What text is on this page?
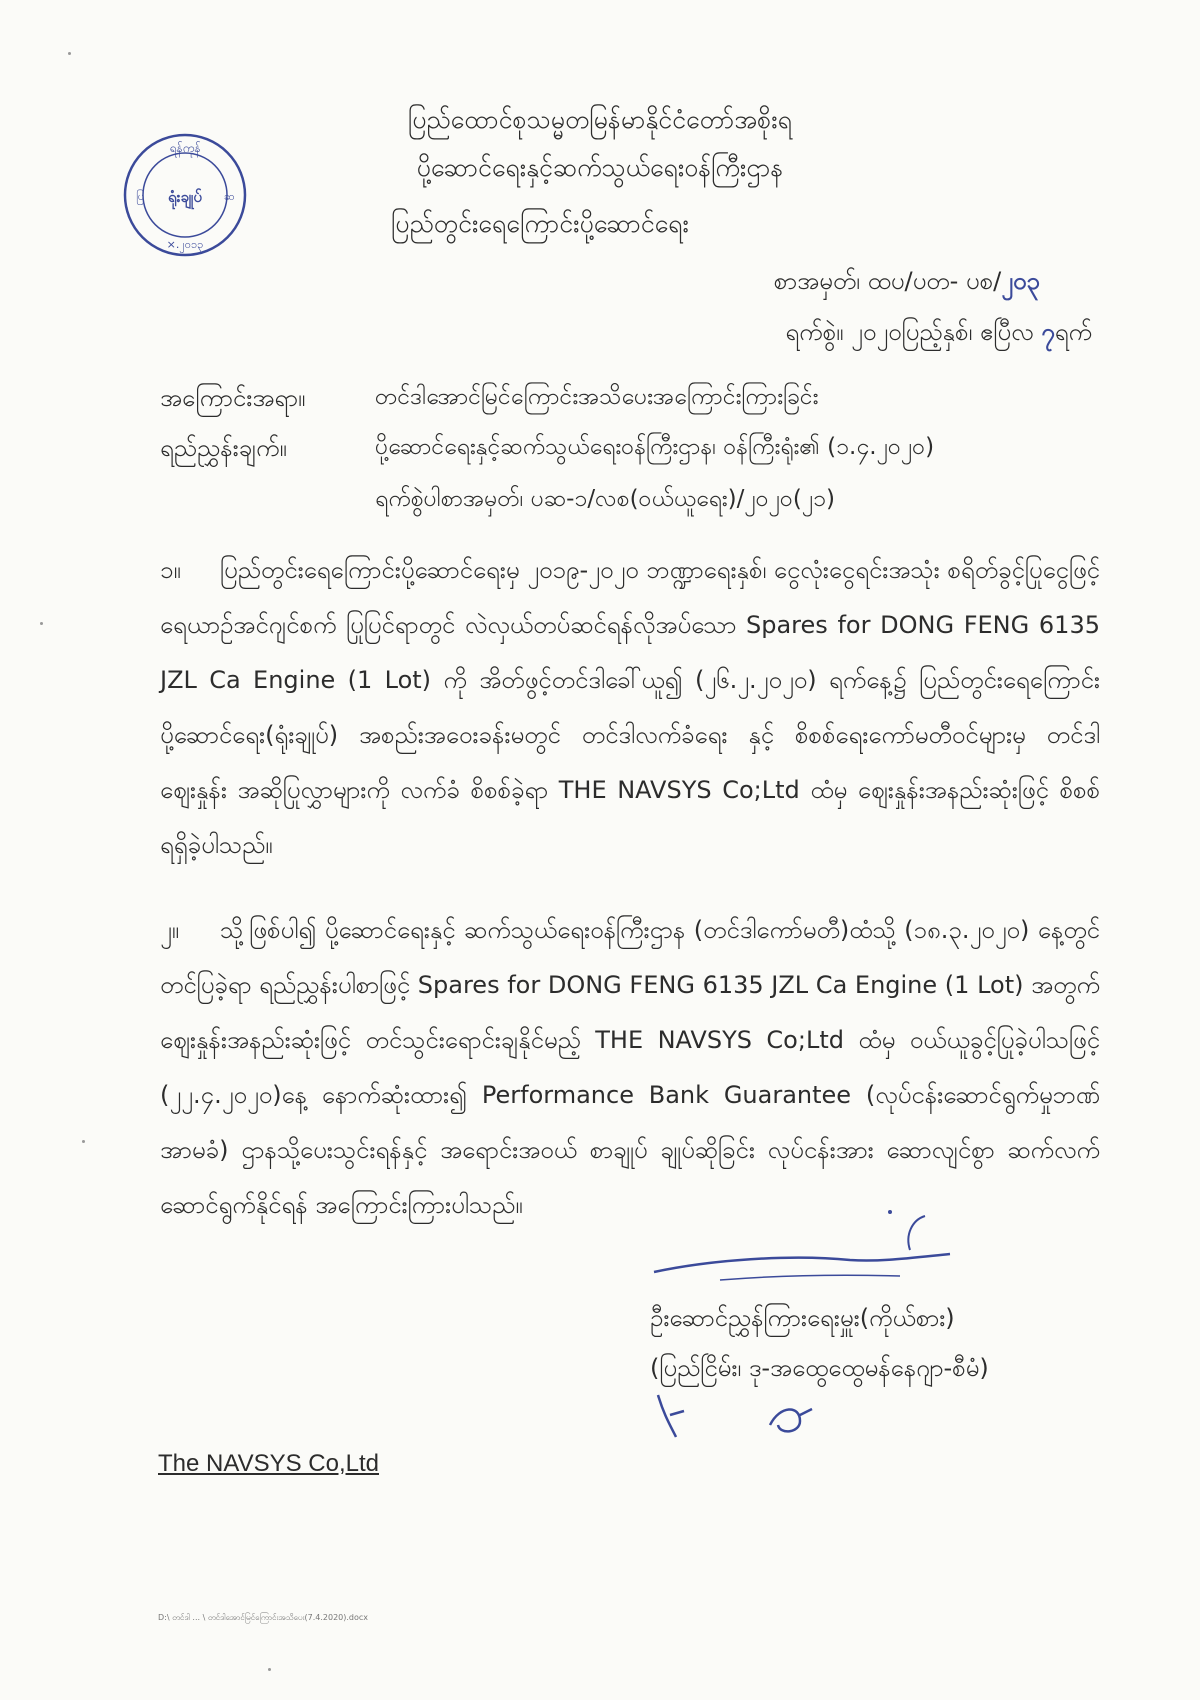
ရန်ကုန်
ရုံးချုပ်
×.၂၀၁၃
ပြ	ဆ
ပြည်ထောင်စုသမ္မတမြန်မာနိုင်ငံတော်အစိုးရ
ပို့ဆောင်ရေးနှင့်ဆက်သွယ်ရေးဝန်ကြီးဌာန
ပြည်တွင်းရေကြောင်းပို့ဆောင်ရေး
စာအမှတ်၊ ထပ/ပတ- ပစ/၂၀၃
ရက်စွဲ။ ၂၀၂၀ပြည့်နှစ်၊ ဧပြီလ ၇ရက်
အကြောင်းအရာ။	တင်ဒါအောင်မြင်ကြောင်းအသိပေးအကြောင်းကြားခြင်း
ရည်ညွှန်းချက်။	ပို့ဆောင်ရေးနှင့်ဆက်သွယ်ရေးဝန်ကြီးဌာန၊ ဝန်ကြီးရုံး၏ (၁.၄.၂၀၂၀)
ရက်စွဲပါစာအမှတ်၊ ပဆ-၁/လစ(ဝယ်ယူရေး)/၂၀၂၀(၂၁)
၁။ ပြည်တွင်းရေကြောင်းပို့ဆောင်ရေးမှ ၂၀၁၉-၂၀၂၀ ဘဏ္ဍာရေးနှစ်၊ ငွေလုံးငွေရင်းအသုံး စရိတ်ခွင့်ပြုငွေဖြင့် ရေယာဉ်အင်ဂျင်စက် ပြုပြင်ရာတွင် လဲလှယ်တပ်ဆင်ရန်လိုအပ်သော Spares for DONG FENG 6135 JZL Ca Engine (1 Lot) ကို အိတ်ဖွင့်တင်ဒါခေါ်ယူ၍ (၂၆.၂.၂၀၂၀) ရက်နေ့၌ ပြည်တွင်းရေကြောင်းပို့ဆောင်ရေး(ရုံးချုပ်) အစည်းအဝေးခန်းမတွင် တင်ဒါလက်ခံရေး နှင့် စိစစ်ရေးကော်မတီဝင်များမှ တင်ဒါဈေးနှုန်း အဆိုပြုလွှာများကို လက်ခံ စိစစ်ခဲ့ရာ THE NAVSYS Co;Ltd ထံမှ ဈေးနှုန်းအနည်းဆုံးဖြင့် စိစစ်ရရှိခဲ့ပါသည်။
၂။ သို့ဖြစ်ပါ၍ ပို့ဆောင်ရေးနှင့် ဆက်သွယ်ရေးဝန်ကြီးဌာန (တင်ဒါကော်မတီ)ထံသို့ (၁၈.၃.၂၀၂၀) နေ့တွင်တင်ပြခဲ့ရာ ရည်ညွှန်းပါစာဖြင့် Spares for DONG FENG 6135 JZL Ca Engine (1 Lot) အတွက် ဈေးနှုန်းအနည်းဆုံးဖြင့် တင်သွင်းရောင်းချနိုင်မည့် THE NAVSYS Co;Ltd ထံမှ ဝယ်ယူခွင့်ပြုခဲ့ပါသဖြင့် (၂၂.၄.၂၀၂၀)နေ့ နောက်ဆုံးထား၍ Performance Bank Guarantee (လုပ်ငန်းဆောင်ရွက်မှုဘဏ်အာမခံ) ဌာနသို့ပေးသွင်းရန်နှင့် အရောင်းအဝယ် စာချုပ် ချုပ်ဆိုခြင်း လုပ်ငန်းအား ဆောလျင်စွာ ဆက်လက်ဆောင်ရွက်နိုင်ရန် အကြောင်းကြားပါသည်။
ဦးဆောင်ညွှန်ကြားရေးမှူး(ကိုယ်စား)
(ပြည်ငြိမ်း၊ ဒု-အထွေထွေမန်နေဂျာ-စီမံ)
The NAVSYS Co,Ltd
D:\ တင်ဒါ ... \ တင်ဒါအောင်မြင်ကြောင်းအသိပေး(7.4.2020).docx
